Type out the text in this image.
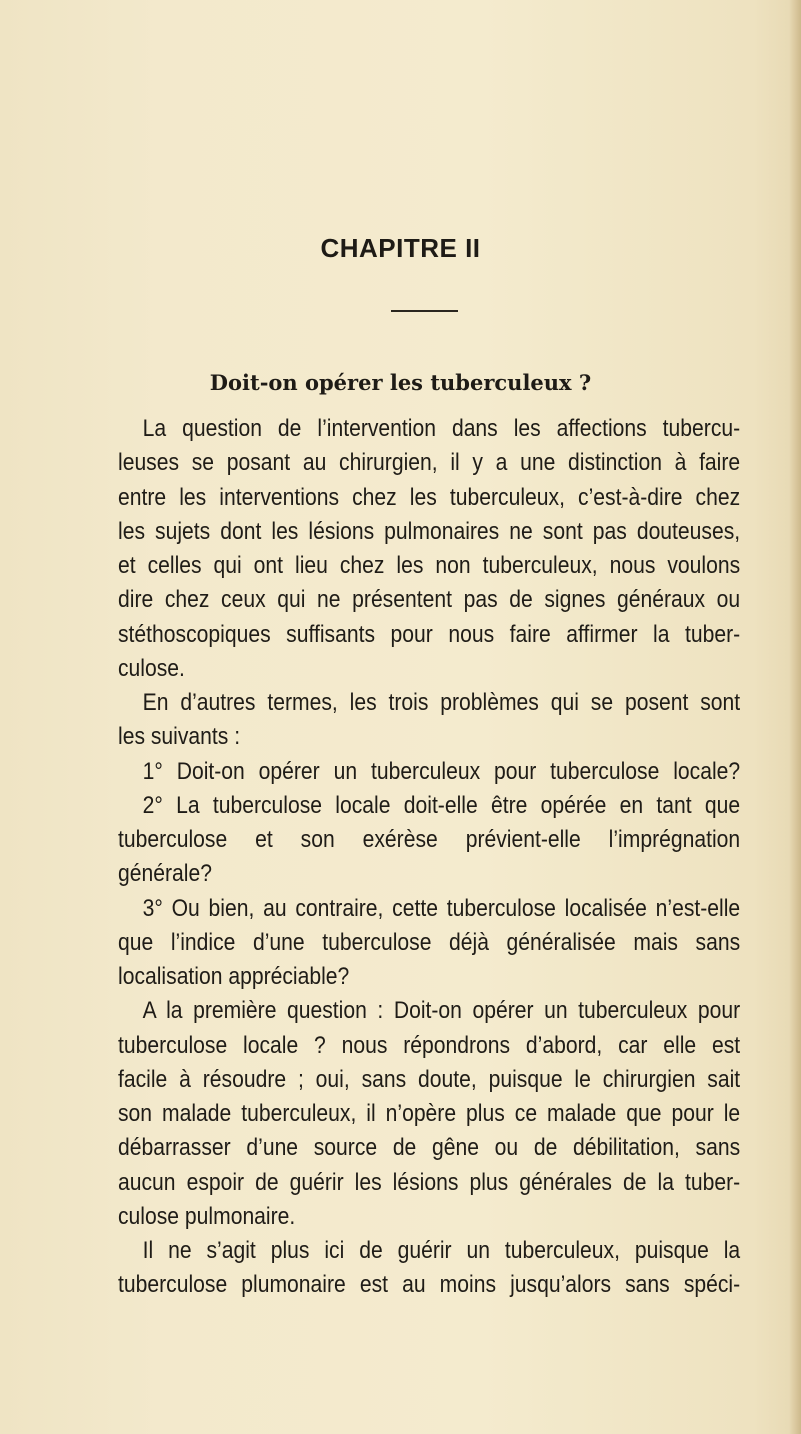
CHAPITRE II
Doit-on opérer les tuberculeux ?
La question de l’intervention dans les affections tubercu-
leuses se posant au chirurgien, il y a une distinction à faire
entre les interventions chez les tuberculeux, c’est-à-dire chez
les sujets dont les lésions pulmonaires ne sont pas douteuses,
et celles qui ont lieu chez les non tuberculeux, nous voulons
dire chez ceux qui ne présentent pas de signes généraux ou
stéthoscopiques suffisants pour nous faire affirmer la tuber-
culose.
En d’autres termes, les trois problèmes qui se posent sont
les suivants :
1° Doit-on opérer un tuberculeux pour tuberculose locale?
2° La tuberculose locale doit-elle être opérée en tant que
tuberculose et son exérèse prévient-elle l’imprégnation
générale?
3° Ou bien, au contraire, cette tuberculose localisée n’est-elle
que l’indice d’une tuberculose déjà généralisée mais sans
localisation appréciable?
A la première question : Doit-on opérer un tuberculeux pour
tuberculose locale ? nous répondrons d’abord, car elle est
facile à résoudre ; oui, sans doute, puisque le chirurgien sait
son malade tuberculeux, il n’opère plus ce malade que pour le
débarrasser d’une source de gêne ou de débilitation, sans
aucun espoir de guérir les lésions plus générales de la tuber-
culose pulmonaire.
Il ne s’agit plus ici de guérir un tuberculeux, puisque la
tuberculose plumonaire est au moins jusqu’alors sans spéci-
